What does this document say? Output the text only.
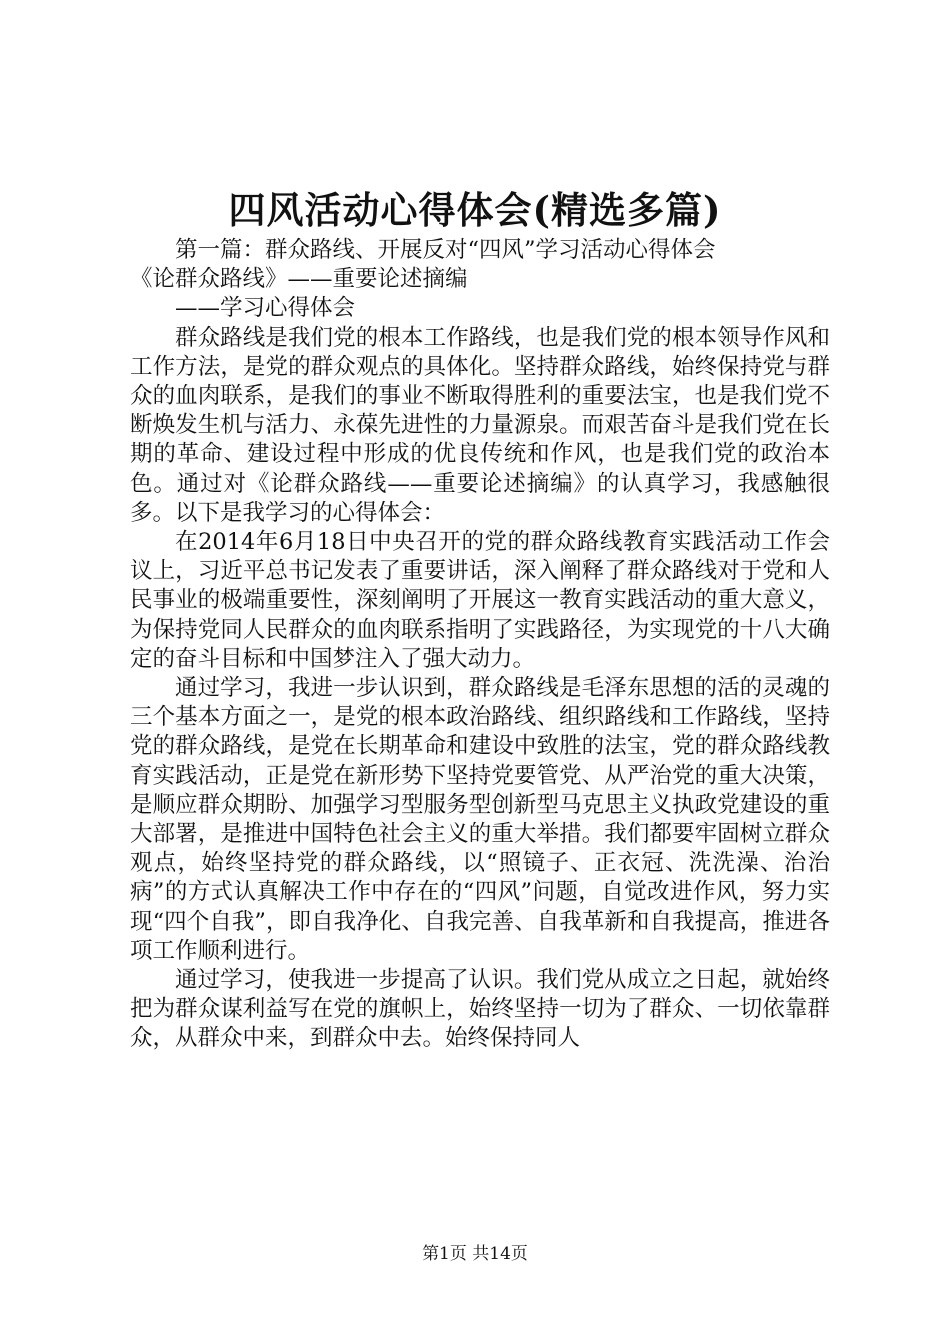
四风活动心得体会(精选多篇)

第一篇：群众路线、开展反对“四风”学习活动心得体会

《论群众路线》——重要论述摘编

——学习心得体会

群众路线是我们党的根本工作路线，也是我们党的根本领导作风和工作方法，是党的群众观点的具体化。坚持群众路线，始终保持党与群众的血肉联系，是我们的事业不断取得胜利的重要法宝，也是我们党不断焕发生机与活力、永葆先进性的力量源泉。而艰苦奋斗是我们党在长期的革命、建设过程中形成的优良传统和作风，也是我们党的政治本色。通过对《论群众路线——重要论述摘编》的认真学习，我感触很多。以下是我学习的心得体会：

在2014年6月18日中央召开的党的群众路线教育实践活动工作会议上，习近平总书记发表了重要讲话，深入阐释了群众路线对于党和人民事业的极端重要性，深刻阐明了开展这一教育实践活动的重大意义，为保持党同人民群众的血肉联系指明了实践路径，为实现党的十八大确定的奋斗目标和中国梦注入了强大动力。

通过学习，我进一步认识到，群众路线是毛泽东思想的活的灵魂的三个基本方面之一，是党的根本政治路线、组织路线和工作路线，坚持党的群众路线，是党在长期革命和建设中致胜的法宝，党的群众路线教育实践活动，正是党在新形势下坚持党要管党、从严治党的重大决策，是顺应群众期盼、加强学习型服务型创新型马克思主义执政党建设的重大部署，是推进中国特色社会主义的重大举措。我们都要牢固树立群众观点，始终坚持党的群众路线，以“照镜子、正衣冠、洗洗澡、治治病”的方式认真解决工作中存在的“四风”问题，自觉改进作风，努力实现“四个自我”，即自我净化、自我完善、自我革新和自我提高，推进各项工作顺利进行。

通过学习，使我进一步提高了认识。我们党从成立之日起，就始终把为群众谋利益写在党的旗帜上，始终坚持一切为了群众、一切依靠群众，从群众中来，到群众中去。始终保持同人

第1页 共14页
